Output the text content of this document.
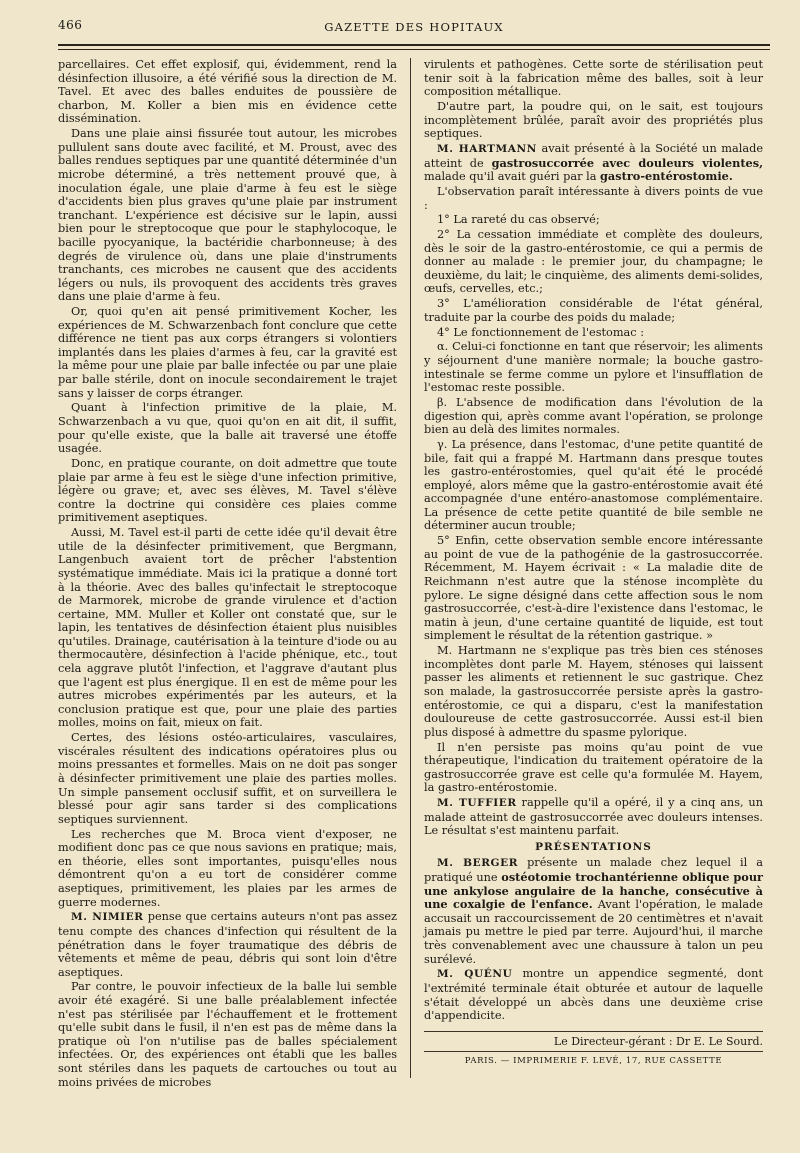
466	GAZETTE DES HOPITAUX

parcellaires. Cet effet explosif, qui, évidemment, rend la désinfection illusoire, a été vérifié sous la direction de M. Tavel. Et avec des balles enduites de poussière de charbon, M. Koller a bien mis en évidence cette dissémination.

Dans une plaie ainsi fissurée tout autour, les microbes pullulent sans doute avec facilité, et M. Proust, avec des balles rendues septiques par une quantité déterminée d'un microbe déterminé, a très nettement prouvé que, à inoculation égale, une plaie d'arme à feu est le siège d'accidents bien plus graves qu'une plaie par instrument tranchant. L'expérience est décisive sur le lapin, aussi bien pour le streptocoque que pour le staphylocoque, le bacille pyocyanique, la bactéridie charbonneuse; à des degrés de virulence où, dans une plaie d'instruments tranchants, ces microbes ne causent que des accidents légers ou nuls, ils provoquent des accidents très graves dans une plaie d'arme à feu.

Or, quoi qu'en ait pensé primitivement Kocher, les expériences de M. Schwarzenbach font conclure que cette différence ne tient pas aux corps étrangers si volontiers implantés dans les plaies d'armes à feu, car la gravité est la même pour une plaie par balle infectée ou par une plaie par balle stérile, dont on inocule secondairement le trajet sans y laisser de corps étranger.

Quant à l'infection primitive de la plaie, M. Schwarzenbach a vu que, quoi qu'on en ait dit, il suffit, pour qu'elle existe, que la balle ait traversé une étoffe usagée.

Donc, en pratique courante, on doit admettre que toute plaie par arme à feu est le siège d'une infection primitive, légère ou grave; et, avec ses élèves, M. Tavel s'élève contre la doctrine qui considère ces plaies comme primitivement aseptiques.

Aussi, M. Tavel est-il parti de cette idée qu'il devait être utile de la désinfecter primitivement, que Bergmann, Langenbuch avaient tort de prêcher l'abstention systématique immédiate. Mais ici la pratique a donné tort à la théorie. Avec des balles qu'infectait le streptocoque de Marmorek, microbe de grande virulence et d'action certaine, MM. Muller et Koller ont constaté que, sur le lapin, les tentatives de désinfection étaient plus nuisibles qu'utiles. Drainage, cautérisation à la teinture d'iode ou au thermocautère, désinfection à l'acide phénique, etc., tout cela aggrave plutôt l'infection, et l'aggrave d'autant plus que l'agent est plus énergique. Il en est de même pour les autres microbes expérimentés par les auteurs, et la conclusion pratique est que, pour une plaie des parties molles, moins on fait, mieux on fait.

Certes, des lésions ostéo-articulaires, vasculaires, viscérales résultent des indications opératoires plus ou moins pressantes et formelles. Mais on ne doit pas songer à désinfecter primitivement une plaie des parties molles. Un simple pansement occlusif suffit, et on surveillera le blessé pour agir sans tarder si des complications septiques surviennent.

Les recherches que M. Broca vient d'exposer, ne modifient donc pas ce que nous savions en pratique; mais, en théorie, elles sont importantes, puisqu'elles nous démontrent qu'on a eu tort de considérer comme aseptiques, primitivement, les plaies par les armes de guerre modernes.

M. NIMIER pense que certains auteurs n'ont pas assez tenu compte des chances d'infection qui résultent de la pénétration dans le foyer traumatique des débris de vêtements et même de peau, débris qui sont loin d'être aseptiques.

Par contre, le pouvoir infectieux de la balle lui semble avoir été exagéré. Si une balle préalablement infectée n'est pas stérilisée par l'échauffement et le frottement qu'elle subit dans le fusil, il n'en est pas de même dans la pratique où l'on n'utilise pas de balles spécialement infectées. Or, des expériences ont établi que les balles sont stériles dans les paquets de cartouches ou tout au moins privées de microbes

virulents et pathogènes. Cette sorte de stérilisation peut tenir soit à la fabrication même des balles, soit à leur composition métallique.

D'autre part, la poudre qui, on le sait, est toujours incomplètement brûlée, paraît avoir des propriétés plus septiques.

M. HARTMANN avait présenté à la Société un malade atteint de gastrosuccorrée avec douleurs violentes, malade qu'il avait guéri par la gastro-entérostomie.

L'observation paraît intéressante à divers points de vue :

1° La rareté du cas observé;

2° La cessation immédiate et complète des douleurs, dès le soir de la gastro-entérostomie, ce qui a permis de donner au malade : le premier jour, du champagne; le deuxième, du lait; le cinquième, des aliments demi-solides, œufs, cervelles, etc.;

3° L'amélioration considérable de l'état général, traduite par la courbe des poids du malade;

4° Le fonctionnement de l'estomac :

α. Celui-ci fonctionne en tant que réservoir; les aliments y séjournent d'une manière normale; la bouche gastro-intestinale se ferme comme un pylore et l'insufflation de l'estomac reste possible.

β. L'absence de modification dans l'évolution de la digestion qui, après comme avant l'opération, se prolonge bien au delà des limites normales.

γ. La présence, dans l'estomac, d'une petite quantité de bile, fait qui a frappé M. Hartmann dans presque toutes les gastro-entérostomies, quel qu'ait été le procédé employé, alors même que la gastro-entérostomie avait été accompagnée d'une entéro-anastomose complémentaire. La présence de cette petite quantité de bile semble ne déterminer aucun trouble;

5° Enfin, cette observation semble encore intéressante au point de vue de la pathogénie de la gastrosuccorrée. Récemment, M. Hayem écrivait : « La maladie dite de Reichmann n'est autre que la sténose incomplète du pylore. Le signe désigné dans cette affection sous le nom gastrosuccorrée, c'est-à-dire l'existence dans l'estomac, le matin à jeun, d'une certaine quantité de liquide, est tout simplement le résultat de la rétention gastrique. »

M. Hartmann ne s'explique pas très bien ces sténoses incomplètes dont parle M. Hayem, sténoses qui laissent passer les aliments et retiennent le suc gastrique. Chez son malade, la gastrosuccorrée persiste après la gastro-entérostomie, ce qui a disparu, c'est la manifestation douloureuse de cette gastrosuccorrée. Aussi est-il bien plus disposé à admettre du spasme pylorique.

Il n'en persiste pas moins qu'au point de vue thérapeutique, l'indication du traitement opératoire de la gastrosuccorrée grave est celle qu'a formulée M. Hayem, la gastro-entérostomie.

M. TUFFIER rappelle qu'il a opéré, il y a cinq ans, un malade atteint de gastrosuccorrée avec douleurs intenses. Le résultat s'est maintenu parfait.

PRÉSENTATIONS

M. BERGER présente un malade chez lequel il a pratiqué une ostéotomie trochantérienne oblique pour une ankylose angulaire de la hanche, consécutive à une coxalgie de l'enfance. Avant l'opération, le malade accusait un raccourcissement de 20 centimètres et n'avait jamais pu mettre le pied par terre. Aujourd'hui, il marche très convenablement avec une chaussure à talon un peu surélevé.

M. QUÉNU montre un appendice segmenté, dont l'extrémité terminale était obturée et autour de laquelle s'était développé un abcès dans une deuxième crise d'appendicite.

Le Directeur-gérant : Dr E. Le Sourd.
PARIS. — IMPRIMERIE F. LEVÉ, 17, RUE CASSETTE
